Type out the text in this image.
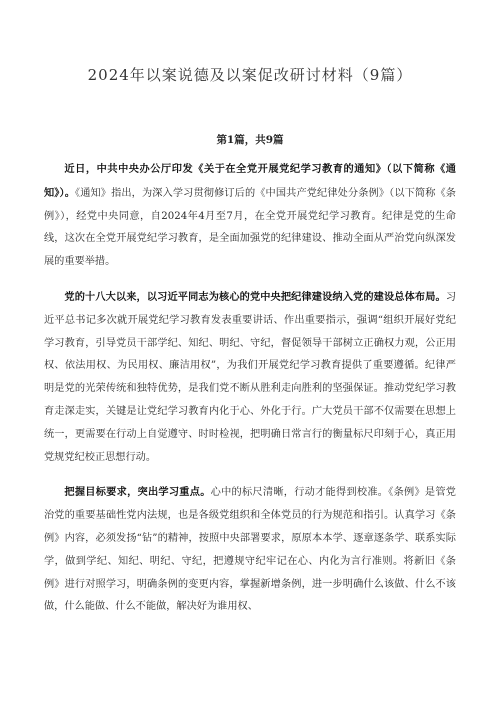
2024年以案说德及以案促改研讨材料（9篇）
第1篇，共9篇

近日，中共中央办公厅印发《关于在全党开展党纪学习教育的通知》（以下简称《通知》）。《通知》指出，为深入学习贯彻修订后的《中国共产党纪律处分条例》（以下简称《条例》），经党中央同意，自2024年4月至7月，在全党开展党纪学习教育。纪律是党的生命线，这次在全党开展党纪学习教育，是全面加强党的纪律建设、推动全面从严治党向纵深发展的重要举措。

党的十八大以来，以习近平同志为核心的党中央把纪律建设纳入党的建设总体布局。习近平总书记多次就开展党纪学习教育发表重要讲话、作出重要指示，强调“组织开展好党纪学习教育，引导党员干部学纪、知纪、明纪、守纪，督促领导干部树立正确权力观，公正用权、依法用权、为民用权、廉洁用权”，为我们开展党纪学习教育提供了重要遵循。纪律严明是党的光荣传统和独特优势，是我们党不断从胜利走向胜利的坚强保证。推动党纪学习教育走深走实，关键是让党纪学习教育内化于心、外化于行。广大党员干部不仅需要在思想上统一，更需要在行动上自觉遵守、时时检视，把明确日常言行的衡量标尺印刻于心，真正用党规党纪校正思想行动。

把握目标要求，突出学习重点。心中的标尺清晰，行动才能得到校准。《条例》是管党治党的重要基础性党内法规，也是各级党组织和全体党员的行为规范和指引。认真学习《条例》内容，必须发扬“钻”的精神，按照中央部署要求，原原本本学、逐章逐条学、联系实际学，做到学纪、知纪、明纪、守纪，把遵规守纪牢记在心、内化为言行准则。将新旧《条例》进行对照学习，明确条例的变更内容，掌握新增条例，进一步明确什么该做、什么不该做，什么能做、什么不能做，解决好为谁用权、
